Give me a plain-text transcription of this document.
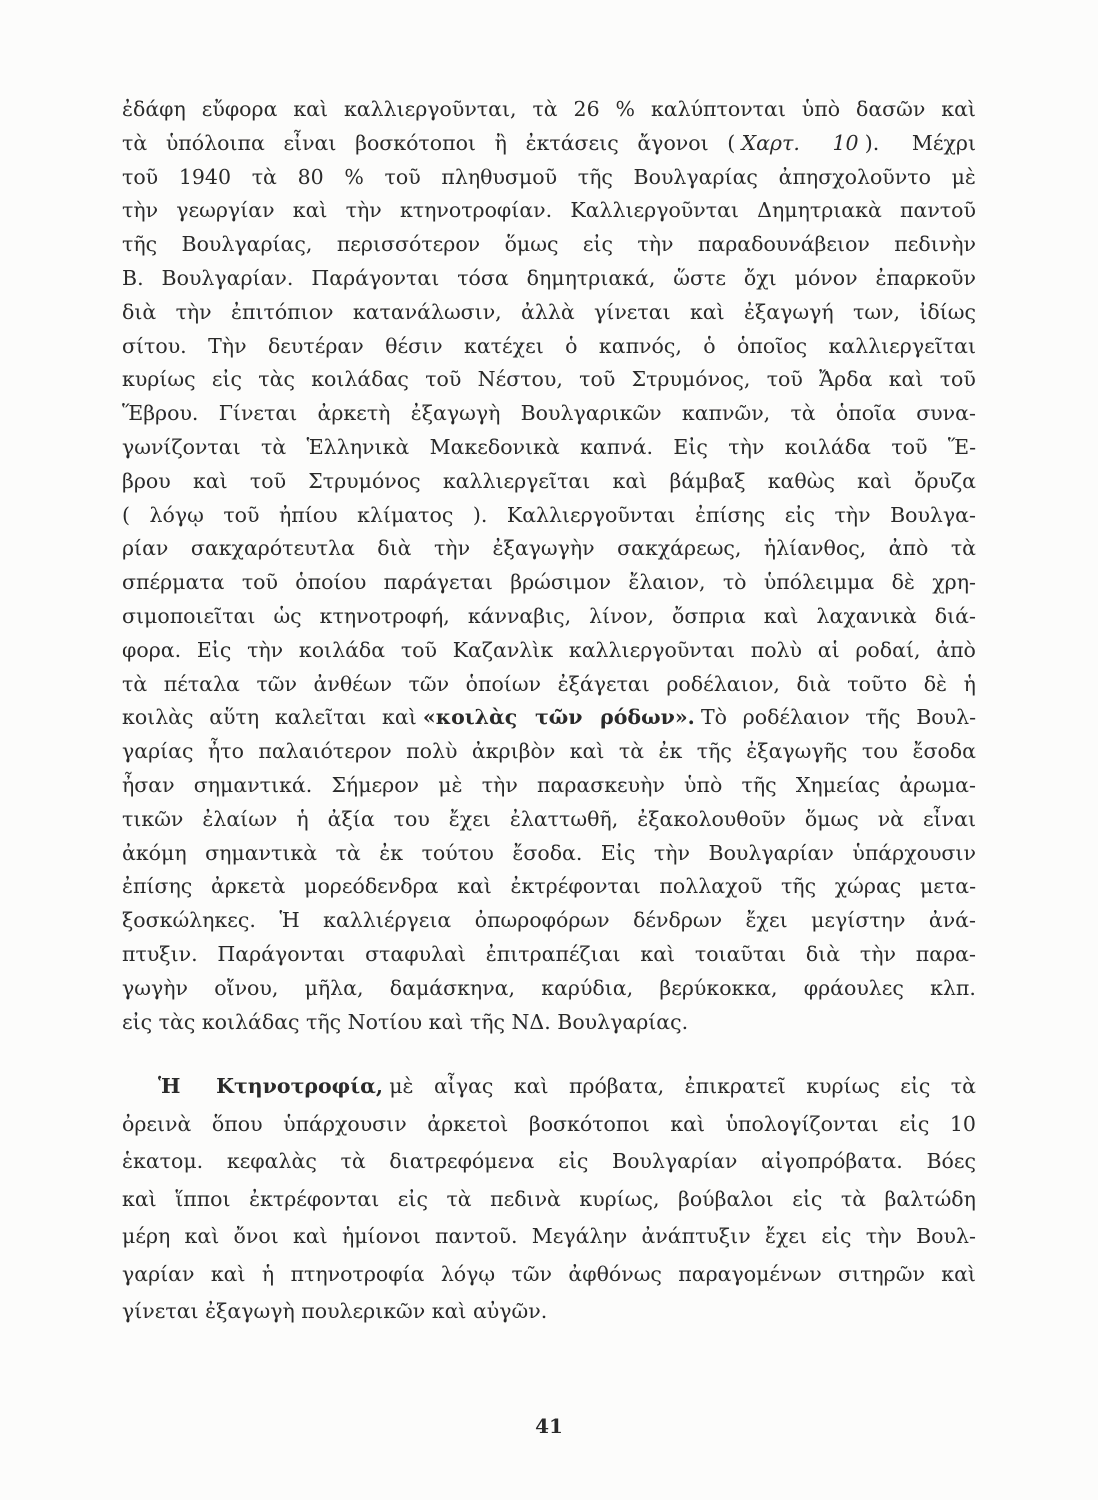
ἐδάφη εὔφορα καὶ καλλιεργοῦνται, τὰ 26 % καλύπτονται ὑπὸ δασῶν καὶ
τὰ ὑπόλοιπα εἶναι βοσκότοποι ἢ ἐκτάσεις ἄγονοι ( Χαρτ. 10 ). Μέχρι
τοῦ 1940 τὰ 80 % τοῦ πληθυσμοῦ τῆς Βουλγαρίας ἀπησχολοῦντο μὲ
τὴν γεωργίαν καὶ τὴν κτηνοτροφίαν. Καλλιεργοῦνται Δημητριακὰ παντοῦ
τῆς Βουλγαρίας, περισσότερον ὅμως εἰς τὴν παραδουνάβειον πεδινὴν
Β. Βουλγαρίαν. Παράγονται τόσα δημητριακά, ὥστε ὄχι μόνον ἐπαρκοῦν
διὰ τὴν ἐπιτόπιον κατανάλωσιν, ἀλλὰ γίνεται καὶ ἐξαγωγή των, ἰδίως
σίτου. Τὴν δευτέραν θέσιν κατέχει ὁ καπνός, ὁ ὁποῖος καλλιεργεῖται
κυρίως εἰς τὰς κοιλάδας τοῦ Νέστου, τοῦ Στρυμόνος, τοῦ Ἄρδα καὶ τοῦ
Ἕβρου. Γίνεται ἀρκετὴ ἐξαγωγὴ Βουλγαρικῶν καπνῶν, τὰ ὁποῖα συνα-
γωνίζονται τὰ Ἑλληνικὰ Μακεδονικὰ καπνά. Εἰς τὴν κοιλάδα τοῦ Ἕ-
βρου καὶ τοῦ Στρυμόνος καλλιεργεῖται καὶ βάμβαξ καθὼς καὶ ὄρυζα
( λόγῳ τοῦ ἠπίου κλίματος ). Καλλιεργοῦνται ἐπίσης εἰς τὴν Βουλγα-
ρίαν σακχαρότευτλα διὰ τὴν ἐξαγωγὴν σακχάρεως, ἡλίανθος, ἀπὸ τὰ
σπέρματα τοῦ ὁποίου παράγεται βρώσιμον ἔλαιον, τὸ ὑπόλειμμα δὲ χρη-
σιμοποιεῖται ὡς κτηνοτροφή, κάνναβις, λίνον, ὄσπρια καὶ λαχανικὰ διά-
φορα. Εἰς τὴν κοιλάδα τοῦ Καζανλὶκ καλλιεργοῦνται πολὺ αἱ ροδαί, ἀπὸ
τὰ πέταλα τῶν ἀνθέων τῶν ὁποίων ἐξάγεται ροδέλαιον, διὰ τοῦτο δὲ ἡ
κοιλὰς αὕτη καλεῖται καὶ «κοιλὰς τῶν ρόδων». Τὸ ροδέλαιον τῆς Βουλ-
γαρίας ἦτο παλαιότερον πολὺ ἀκριβὸν καὶ τὰ ἐκ τῆς ἐξαγωγῆς του ἔσοδα
ἦσαν σημαντικά. Σήμερον μὲ τὴν παρασκευὴν ὑπὸ τῆς Χημείας ἀρωμα-
τικῶν ἐλαίων ἡ ἀξία του ἔχει ἐλαττωθῆ, ἐξακολουθοῦν ὅμως νὰ εἶναι
ἀκόμη σημαντικὰ τὰ ἐκ τούτου ἔσοδα. Εἰς τὴν Βουλγαρίαν ὑπάρχουσιν
ἐπίσης ἀρκετὰ μορεόδενδρα καὶ ἐκτρέφονται πολλαχοῦ τῆς χώρας μετα-
ξοσκώληκες. Ἡ καλλιέργεια ὀπωροφόρων δένδρων ἔχει μεγίστην ἀνά-
πτυξιν. Παράγονται σταφυλαὶ ἐπιτραπέζιαι καὶ τοιαῦται διὰ τὴν παρα-
γωγὴν οἴνου, μῆλα, δαμάσκηνα, καρύδια, βερύκοκκα, φράουλες κλπ.
εἰς τὰς κοιλάδας τῆς Νοτίου καὶ τῆς ΝΔ. Βουλγαρίας.
Ἡ Κτηνοτροφία, μὲ αἶγας καὶ πρόβατα, ἐπικρατεῖ κυρίως εἰς τὰ
ὀρεινὰ ὅπου ὑπάρχουσιν ἀρκετοὶ βοσκότοποι καὶ ὑπολογίζονται εἰς 10
ἑκατομ. κεφαλὰς τὰ διατρεφόμενα εἰς Βουλγαρίαν αἰγοπρόβατα. Βόες
καὶ ἵπποι ἐκτρέφονται εἰς τὰ πεδινὰ κυρίως, βούβαλοι εἰς τὰ βαλτώδη
μέρη καὶ ὄνοι καὶ ἡμίονοι παντοῦ. Μεγάλην ἀνάπτυξιν ἔχει εἰς τὴν Βουλ-
γαρίαν καὶ ἡ πτηνοτροφία λόγῳ τῶν ἀφθόνως παραγομένων σιτηρῶν καὶ
γίνεται ἐξαγωγὴ πουλερικῶν καὶ αὐγῶν.
41
